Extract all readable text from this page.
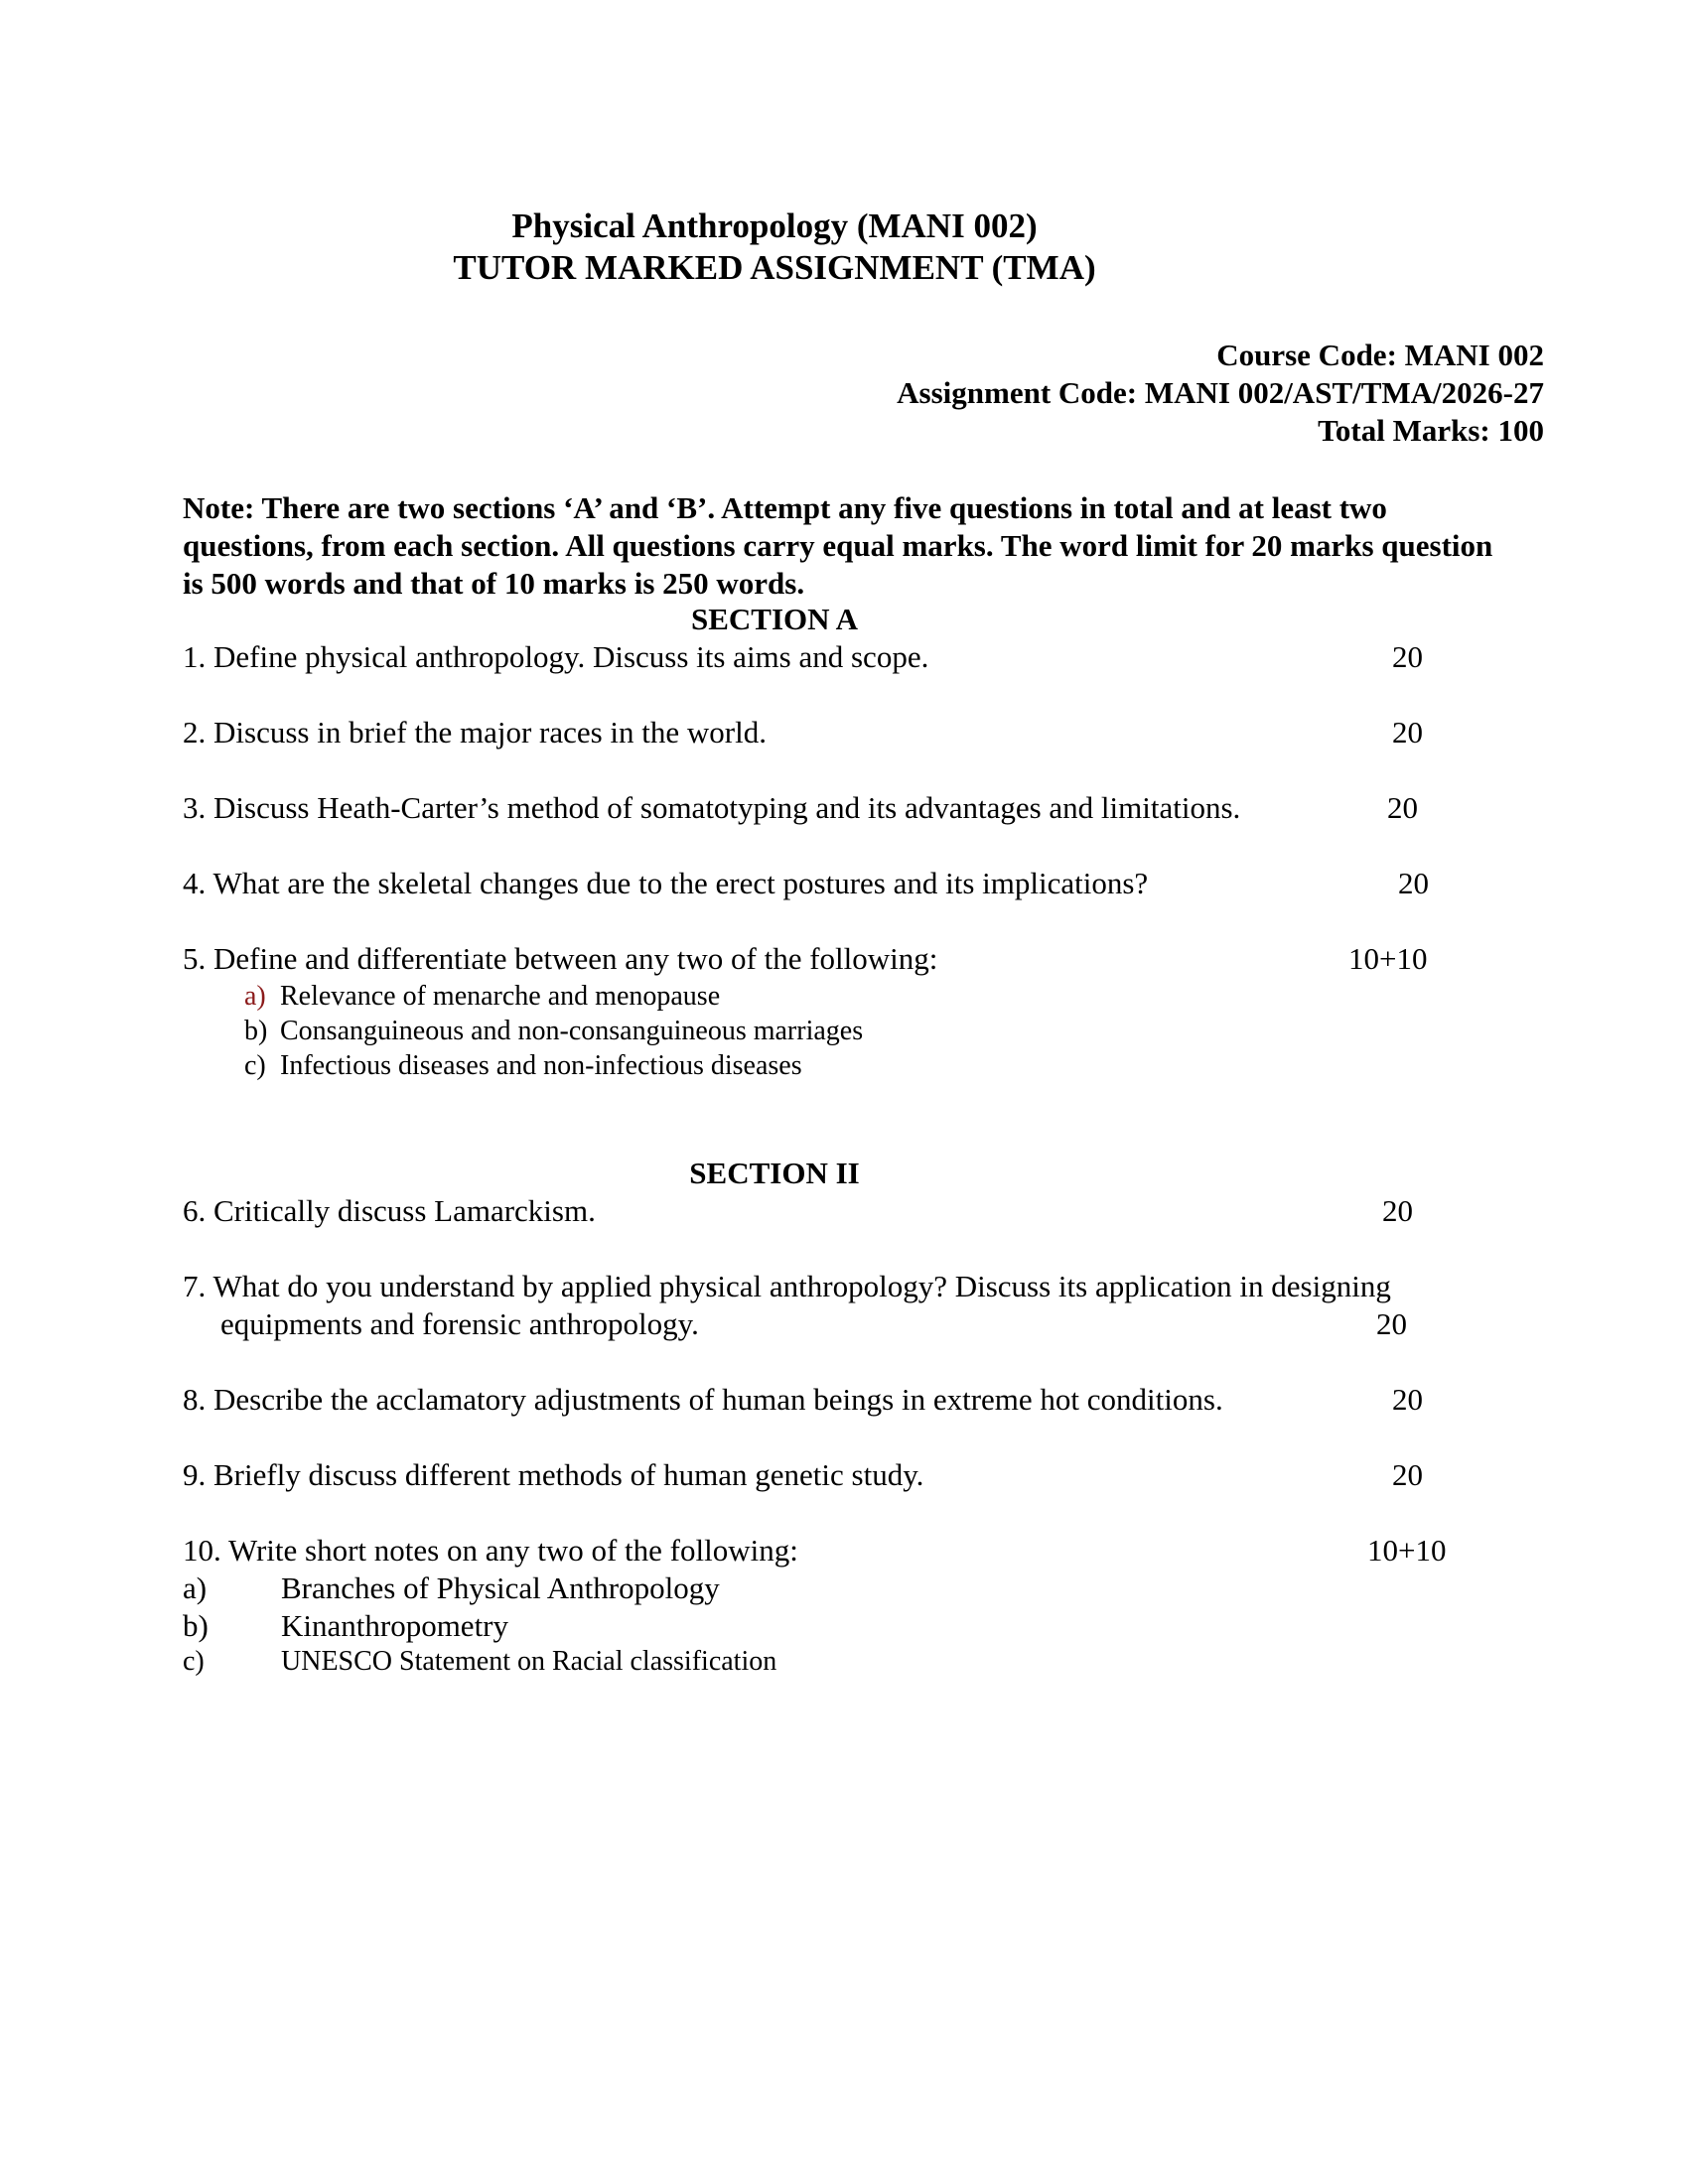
Physical Anthropology (MANI 002)
TUTOR MARKED ASSIGNMENT (TMA)
Course Code: MANI 002
Assignment Code: MANI 002/AST/TMA/2026-27
Total Marks: 100
Note: There are two sections ‘A’ and ‘B’. Attempt any five questions in total and at least two questions, from each section. All questions carry equal marks. The word limit for 20 marks question is 500 words and that of 10 marks is 250 words.
SECTION A
1. Define physical anthropology. Discuss its aims and scope.	20
2. Discuss in brief the major races in the world.	20
3. Discuss Heath-Carter’s method of somatotyping and its advantages and limitations.	20
4. What are the skeletal changes due to the erect postures and its implications?	20
5. Define and differentiate between any two of the following:	10+10
a) Relevance of menarche and menopause
b) Consanguineous and non-consanguineous marriages
c) Infectious diseases and non-infectious diseases
SECTION II
6. Critically discuss Lamarckism.	20
7. What do you understand by applied physical anthropology? Discuss its application in designing
equipments and forensic anthropology.	20
8. Describe the acclamatory adjustments of human beings in extreme hot conditions.	20
9. Briefly discuss different methods of human genetic study.	20
10. Write short notes on any two of the following:	10+10
a) Branches of Physical Anthropology
b) Kinanthropometry
c)	UNESCO Statement on Racial classification
